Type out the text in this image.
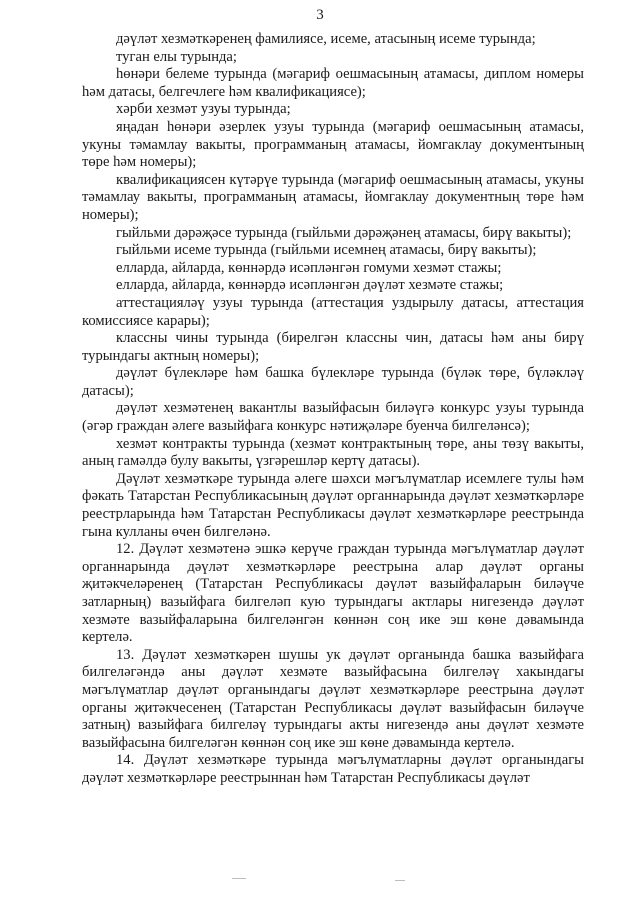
3

дәүләт хезмәткәренең фамилиясе, исеме, атасының исеме турында;

туган елы турында;

һөнәри белеме турында (мәгариф оешмасының атамасы, диплом номеры һәм датасы, белгечлеге һәм квалификациясе);

хәрби хезмәт узуы турында;

яңадан һөнәри әзерлек узуы турында (мәгариф оешмасының атамасы, укуны тәмамлау вакыты, программаның атамасы, йомгаклау документының төре һәм номеры);

квалификациясен күтәрүе турында (мәгариф оешмасының атамасы, укуны тәмамлау вакыты, программаның атамасы, йомгаклау документның төре һәм номеры);

гыйльми дәрәҗәсе турында (гыйльми дәрәҗәнең атамасы, бирү вакыты);

гыйльми исеме турында (гыйльми исемнең атамасы, бирү вакыты);

елларда, айларда, көннәрдә исәпләнгән гомуми хезмәт стажы;

елларда, айларда, көннәрдә исәпләнгән дәүләт хезмәте стажы;

аттестацияләү узуы турында (аттестация уздырылу датасы, аттестация комиссиясе карары);

классны чины турында (бирелгән классны чин, датасы һәм аны бирү турындагы актның номеры);

дәүләт бүлекләре һәм башка бүлекләре турында (бүләк төре, бүләкләү датасы);

дәүләт хезмәтенең вакантлы вазыйфасын биләүгә конкурс узуы турында (әгәр граждан әлеге вазыйфага конкурс нәтиҗәләре буенча билгеләнсә);

хезмәт контракты турында (хезмәт контрактының төре, аны төзү вакыты, аның гамәлдә булу вакыты, үзгәрешләр кертү датасы).

Дәүләт хезмәткәре турында әлеге шәхси мәгълүматлар исемлеге тулы һәм фәкать Татарстан Республикасының дәүләт органнарында дәүләт хезмәткәрләре реестрларында һәм Татарстан Республикасы дәүләт хезмәткәрләре реестрында гына кулланы өчен билгеләнә.

12. Дәүләт хезмәтенә эшкә керүче граждан турында мәгълүматлар дәүләт органнарында дәүләт хезмәткәрләре реестрына алар дәүләт органы җитәкчеләренең (Татарстан Республикасы дәүләт вазыйфаларын биләүче затларның) вазыйфага билгеләп кую турындагы актлары нигезендә дәүләт хезмәте вазыйфаларына билгеләнгән көннән соң ике эш көне дәвамында кертелә.

13. Дәүләт хезмәткәрен шушы ук дәүләт органында башка вазыйфага билгеләгәндә аны дәүләт хезмәте вазыйфасына билгеләү хакындагы мәгълүматлар дәүләт органындагы дәүләт хезмәткәрләре реестрына дәүләт органы җитәкчесенең (Татарстан Республикасы дәүләт вазыйфасын биләүче затның) вазыйфага билгеләү турындагы акты нигезендә аны дәүләт хезмәте вазыйфасына билгеләгән көннән соң ике эш көне дәвамында кертелә.

14. Дәүләт хезмәткәре турында мәгълүматларны дәүләт органындагы дәүләт хезмәткәрләре реестрыннан һәм Татарстан Республикасы дәүләт
